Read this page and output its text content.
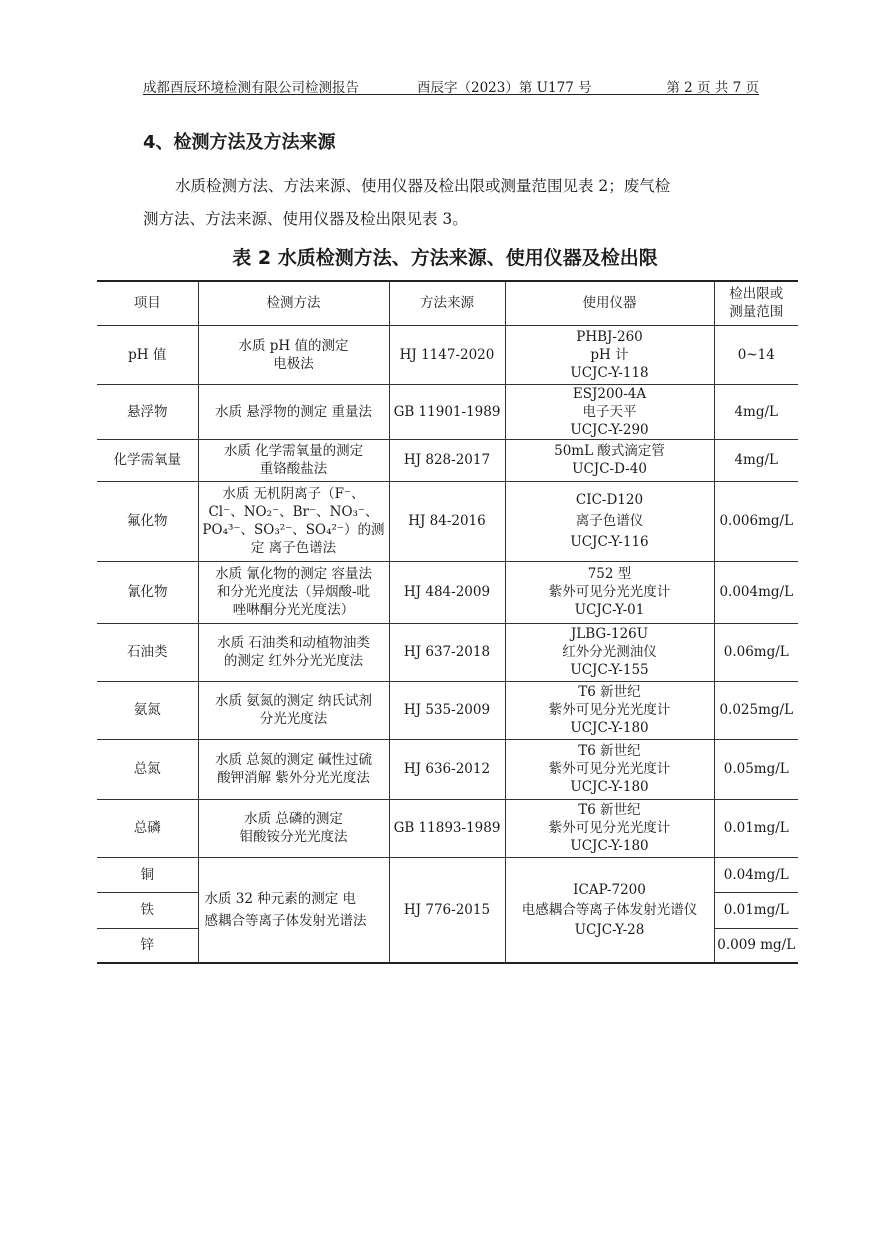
成都酉辰环境检测有限公司检测报告	酉辰字（2023）第 U177 号	第 2 页 共 7 页
4、检测方法及方法来源
水质检测方法、方法来源、使用仪器及检出限或测量范围见表 2；废气检
测方法、方法来源、使用仪器及检出限见表 3。
表 2 水质检测方法、方法来源、使用仪器及检出限
项目	检测方法	方法来源	使用仪器	检出限或
测量范围

pH 值	水质 pH 值的测定
电极法	HJ 1147-2020	PHBJ-260
pH 计
UCJC-Y-118	0~14
悬浮物	水质 悬浮物的测定 重量法	GB 11901-1989	ESJ200-4A
电子天平
UCJC-Y-290	4mg/L
化学需氧量	水质 化学需氧量的测定
重铬酸盐法	HJ 828-2017	50mL 酸式滴定管
UCJC-D-40	4mg/L
氟化物	水质 无机阴离子（F⁻、
Cl⁻、NO₂⁻、Br⁻、NO₃⁻、
PO₄³⁻、SO₃²⁻、SO₄²⁻）的测
定 离子色谱法	HJ 84-2016	CIC-D120
离子色谱仪
UCJC-Y-116	0.006mg/L
氰化物	水质 氰化物的测定 容量法
和分光光度法（异烟酸-吡
唑啉酮分光光度法）	HJ 484-2009	752 型
紫外可见分光光度计
UCJC-Y-01	0.004mg/L
石油类	水质 石油类和动植物油类
的测定 红外分光光度法	HJ 637-2018	JLBG-126U
红外分光测油仪
UCJC-Y-155	0.06mg/L
氨氮	水质 氨氮的测定 纳氏试剂
分光光度法	HJ 535-2009	T6 新世纪
紫外可见分光光度计
UCJC-Y-180	0.025mg/L
总氮	水质 总氮的测定 碱性过硫
酸钾消解 紫外分光光度法	HJ 636-2012	T6 新世纪
紫外可见分光光度计
UCJC-Y-180	0.05mg/L
总磷	水质 总磷的测定
钼酸铵分光光度法	GB 11893-1989	T6 新世纪
紫外可见分光光度计
UCJC-Y-180	0.01mg/L
铜	水质 32 种元素的测定 电
感耦合等离子体发射光谱法	HJ 776-2015	ICAP-7200
电感耦合等离子体发射光谱仪
UCJC-Y-28	0.04mg/L
铁				0.01mg/L
锌				0.009 mg/L
